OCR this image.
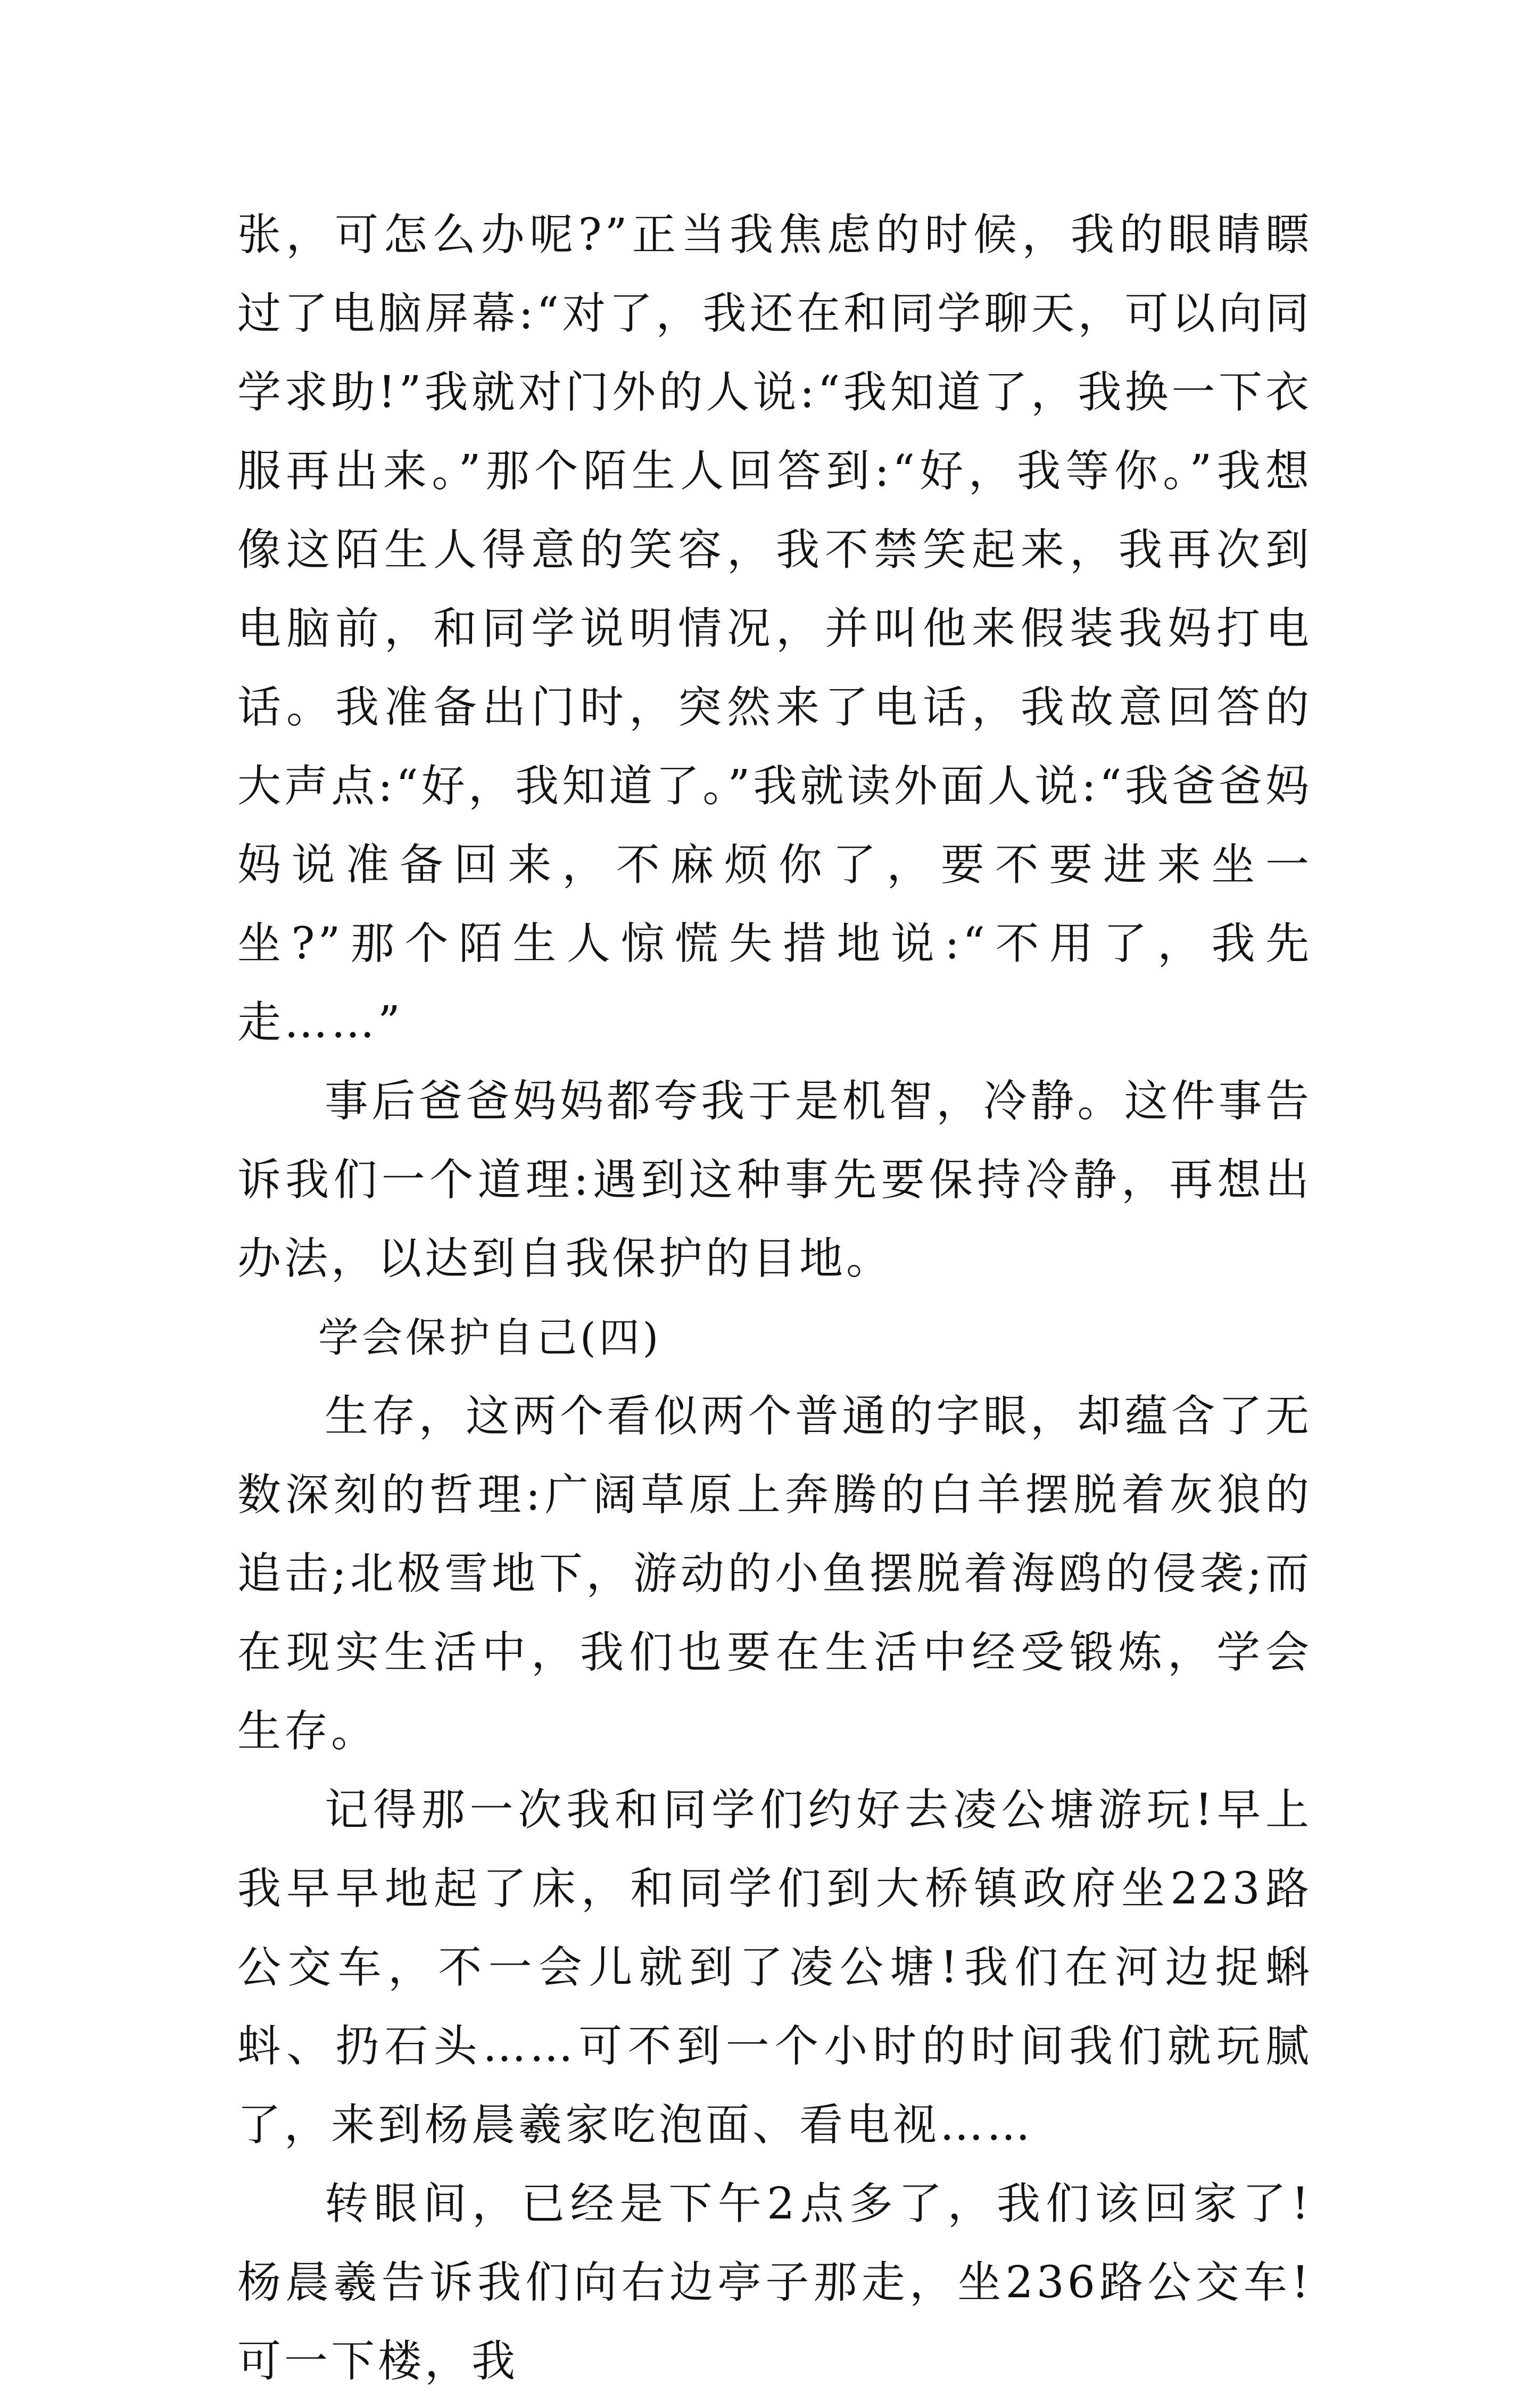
张，可怎么办呢?”正当我焦虑的时候，我的眼睛瞟过了电脑屏幕:“对了，我还在和同学聊天，可以向同学求助!”我就对门外的人说:“我知道了，我换一下衣服再出来。”那个陌生人回答到:“好，我等你。”我想像这陌生人得意的笑容，我不禁笑起来，我再次到电脑前，和同学说明情况，并叫他来假装我妈打电话。我准备出门时，突然来了电话，我故意回答的大声点:“好，我知道了。”我就读外面人说:“我爸爸妈妈说准备回来，不麻烦你了，要不要进来坐一坐?”那个陌生人惊慌失措地说:“不用了，我先走……”

事后爸爸妈妈都夸我于是机智，冷静。这件事告诉我们一个道理:遇到这种事先要保持冷静，再想出办法，以达到自我保护的目地。

学会保护自己(四)

生存，这两个看似两个普通的字眼，却蕴含了无数深刻的哲理:广阔草原上奔腾的白羊摆脱着灰狼的追击;北极雪地下，游动的小鱼摆脱着海鸥的侵袭;而在现实生活中，我们也要在生活中经受锻炼，学会生存。

记得那一次我和同学们约好去凌公塘游玩!早上我早早地起了床，和同学们到大桥镇政府坐223路公交车，不一会儿就到了凌公塘!我们在河边捉蝌蚪、扔石头……可不到一个小时的时间我们就玩腻了，来到杨晨羲家吃泡面、看电视……

转眼间，已经是下午2点多了，我们该回家了!杨晨羲告诉我们向右边亭子那走，坐236路公交车!可一下楼，我
